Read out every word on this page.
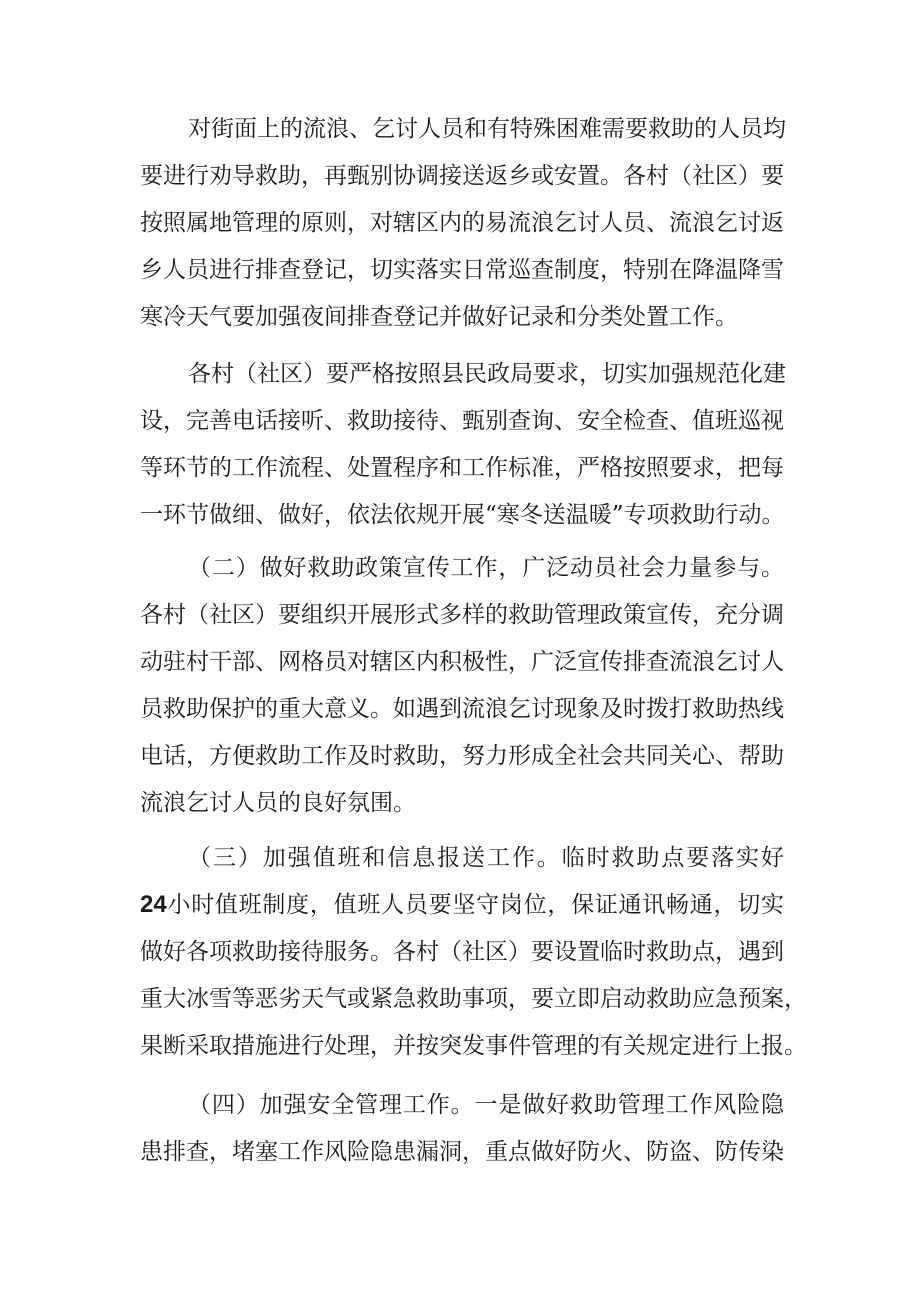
对街面上的流浪、乞讨人员和有特殊困难需要救助的人员均
要进行劝导救助，再甄别协调接送返乡或安置。各村（社区）要
按照属地管理的原则，对辖区内的易流浪乞讨人员、流浪乞讨返
乡人员进行排查登记，切实落实日常巡查制度，特别在降温降雪
寒冷天气要加强夜间排查登记并做好记录和分类处置工作。
各村（社区）要严格按照县民政局要求，切实加强规范化建
设，完善电话接听、救助接待、甄别查询、安全检查、值班巡视
等环节的工作流程、处置程序和工作标准，严格按照要求，把每
一环节做细、做好，依法依规开展“寒冬送温暖”专项救助行动。
（二）做好救助政策宣传工作，广泛动员社会力量参与。
各村（社区）要组织开展形式多样的救助管理政策宣传，充分调
动驻村干部、网格员对辖区内积极性，广泛宣传排查流浪乞讨人
员救助保护的重大意义。如遇到流浪乞讨现象及时拨打救助热线
电话，方便救助工作及时救助，努力形成全社会共同关心、帮助
流浪乞讨人员的良好氛围。
（三）加强值班和信息报送工作。临时救助点要落实好
24小时值班制度，值班人员要坚守岗位，保证通讯畅通，切实
做好各项救助接待服务。各村（社区）要设置临时救助点，遇到
重大冰雪等恶劣天气或紧急救助事项，要立即启动救助应急预案，
果断采取措施进行处理，并按突发事件管理的有关规定进行上报。
（四）加强安全管理工作。一是做好救助管理工作风险隐
患排查，堵塞工作风险隐患漏洞，重点做好防火、防盗、防传染
